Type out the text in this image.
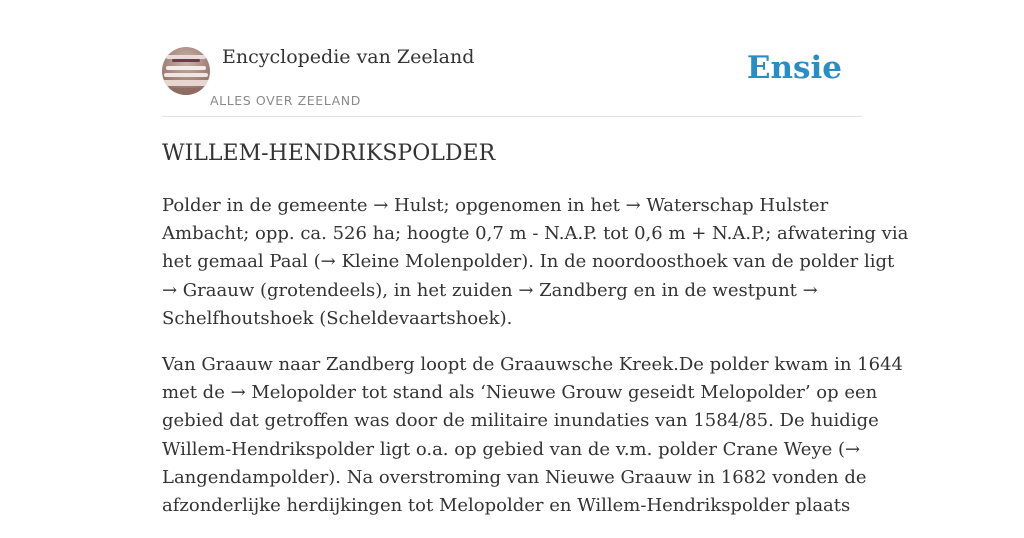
Encyclopedie van Zeeland
ALLES OVER ZEELAND
Ensie
WILLEM-HENDRIKSPOLDER

Polder in de gemeente → Hulst; opgenomen in het → Waterschap Hulster
Ambacht; opp. ca. 526 ha; hoogte 0,7 m - N.A.P. tot 0,6 m + N.A.P.; afwatering via
het gemaal Paal (→ Kleine Molenpolder). In de noordoosthoek van de polder ligt
→ Graauw (grotendeels), in het zuiden → Zandberg en in de westpunt →
Schelfhoutshoek (Scheldevaartshoek).

Van Graauw naar Zandberg loopt de Graauwsche Kreek.De polder kwam in 1644
met de → Melopolder tot stand als ‘Nieuwe Grouw geseidt Melopolder’ op een
gebied dat getroffen was door de militaire inundaties van 1584/85. De huidige
Willem-Hendrikspolder ligt o.a. op gebied van de v.m. polder Crane Weye (→
Langendampolder). Na overstroming van Nieuwe Graauw in 1682 vonden de
afzonderlijke herdijkingen tot Melopolder en Willem-Hendrikspolder plaats
